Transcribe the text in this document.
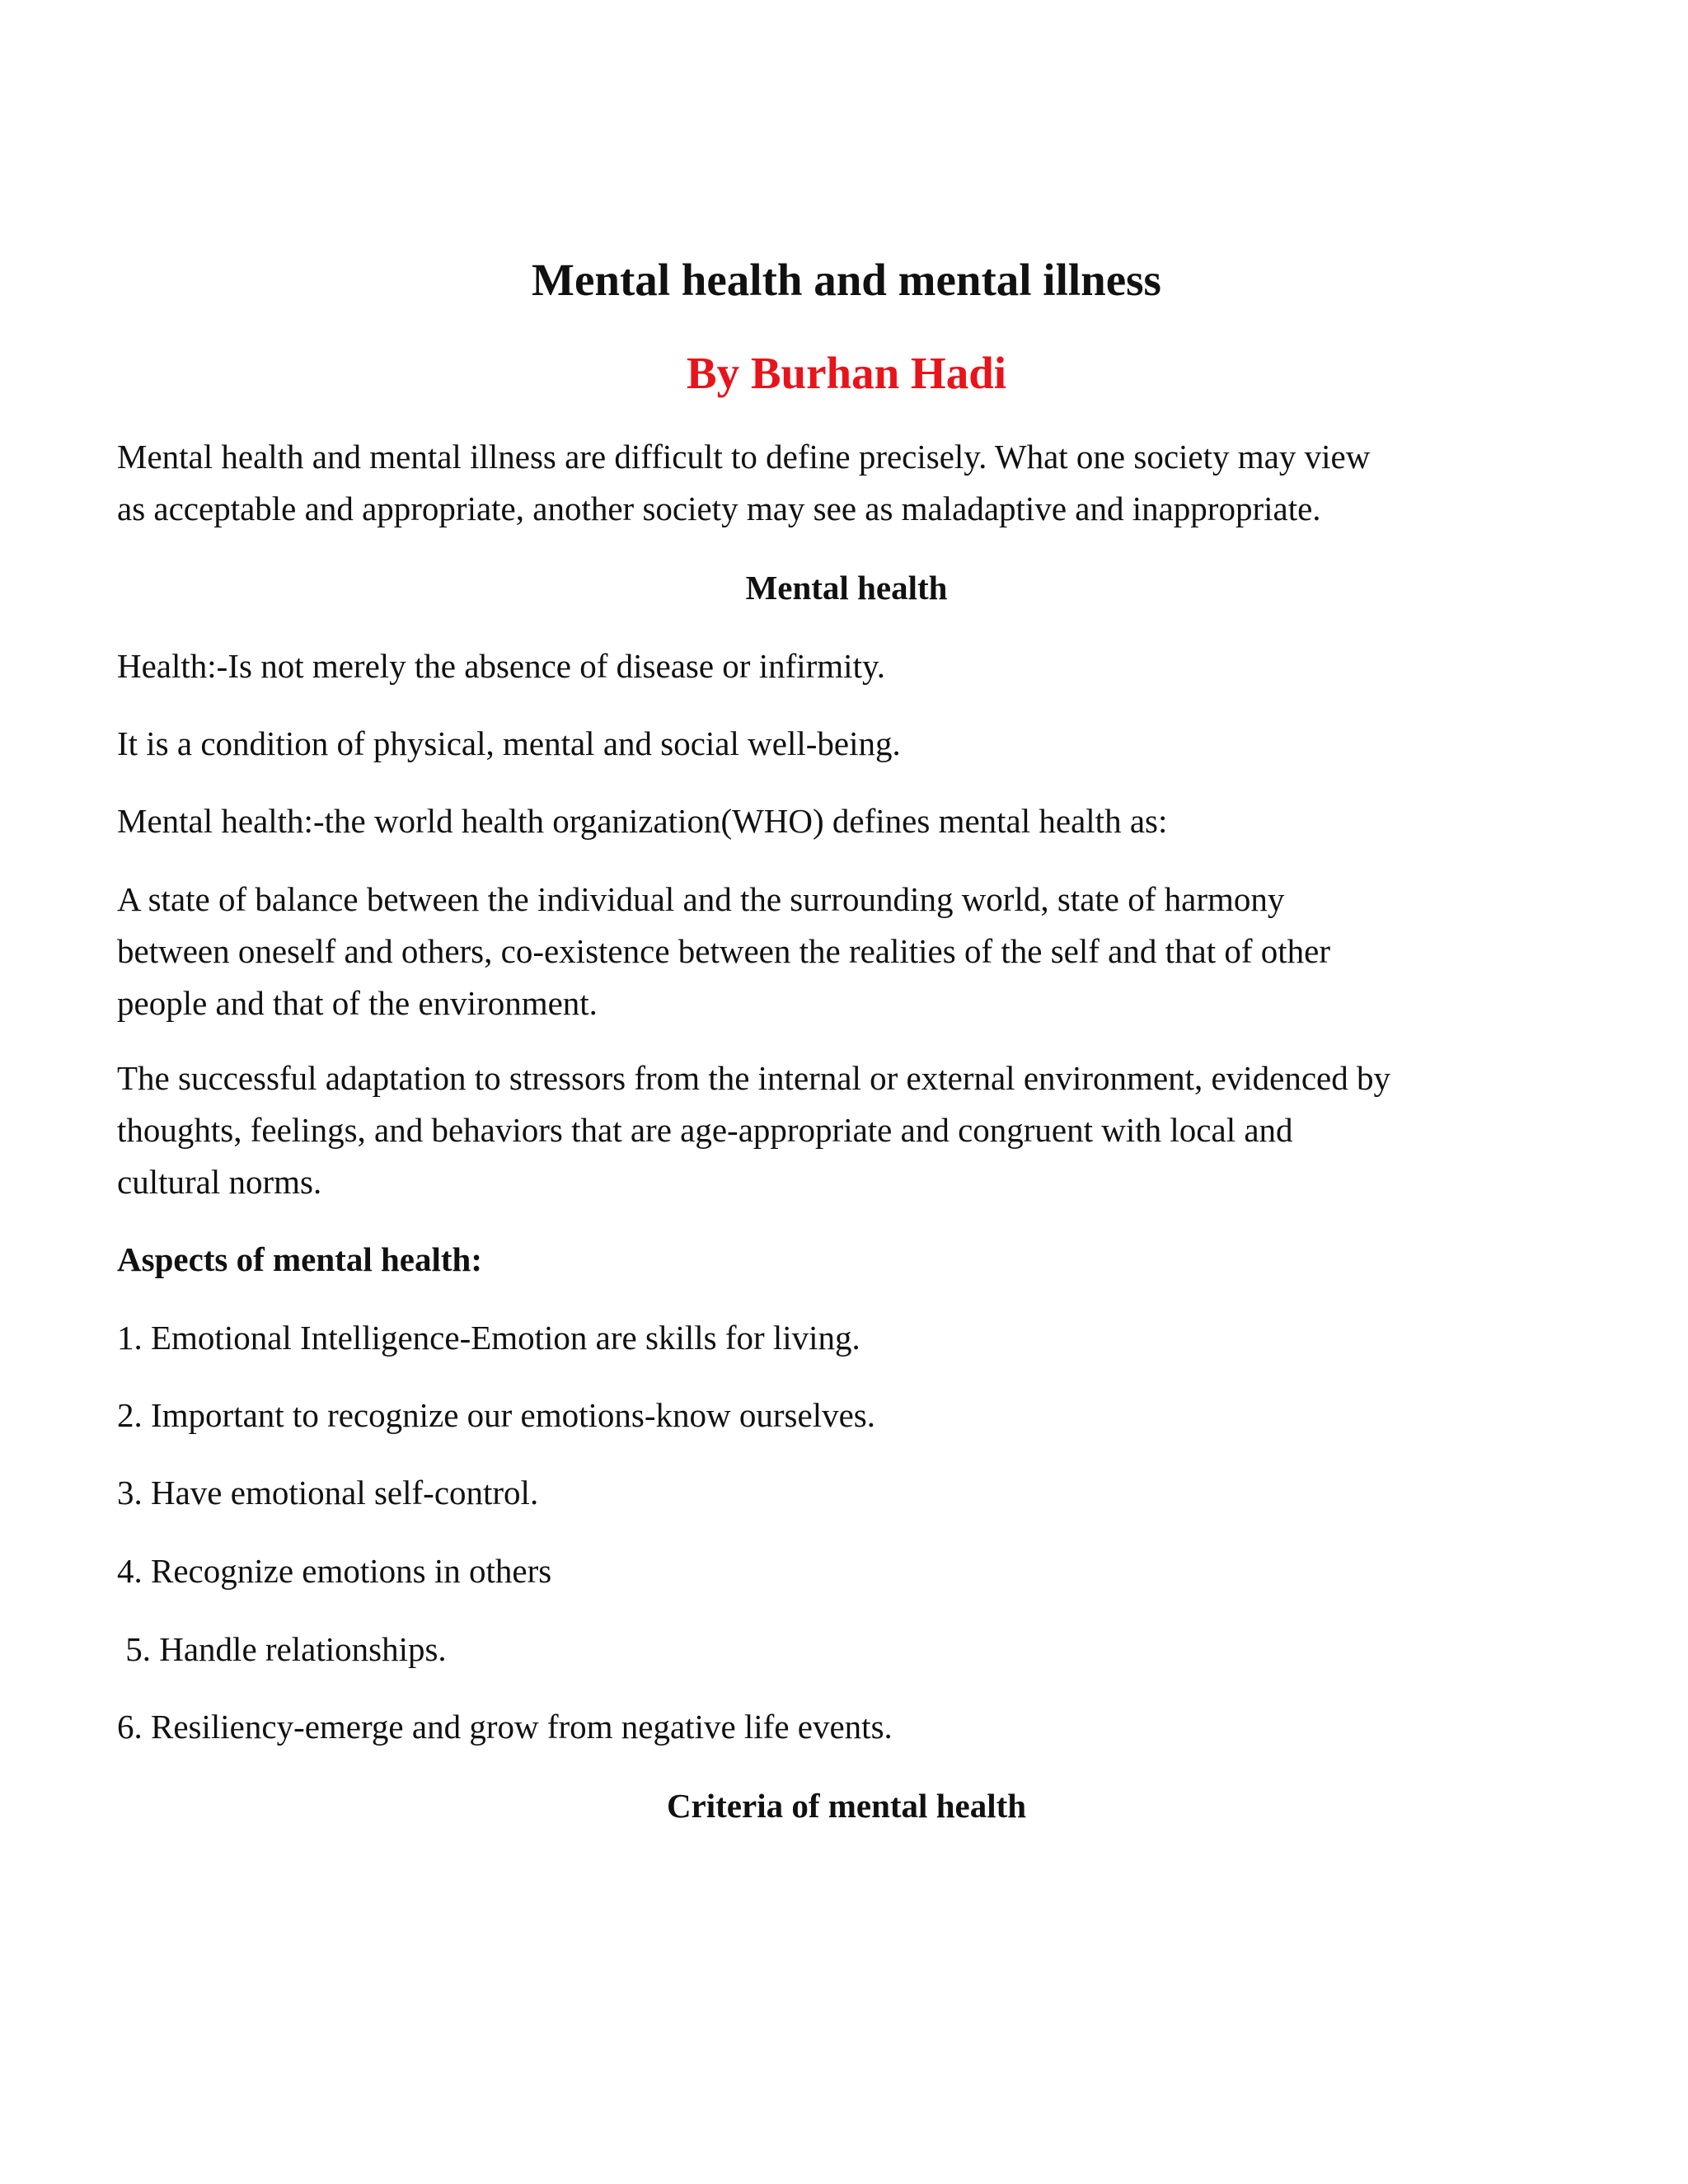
Mental health and mental illness
By Burhan Hadi

Mental health and mental illness are difficult to define precisely. What one society may view
as acceptable and appropriate, another society may see as maladaptive and inappropriate.

Mental health

Health:-Is not merely the absence of disease or infirmity.

It is a condition of physical, mental and social well-being.

Mental health:-the world health organization(WHO) defines mental health as:

A state of balance between the individual and the surrounding world, state of harmony
between oneself and others, co-existence between the realities of the self and that of other
people and that of the environment.

The successful adaptation to stressors from the internal or external environment, evidenced by
thoughts, feelings, and behaviors that are age-appropriate and congruent with local and
cultural norms.

Aspects of mental health:

1. Emotional Intelligence-Emotion are skills for living.

2. Important to recognize our emotions-know ourselves.

3. Have emotional self-control.

4. Recognize emotions in others

5. Handle relationships.

6. Resiliency-emerge and grow from negative life events.

Criteria of mental health
